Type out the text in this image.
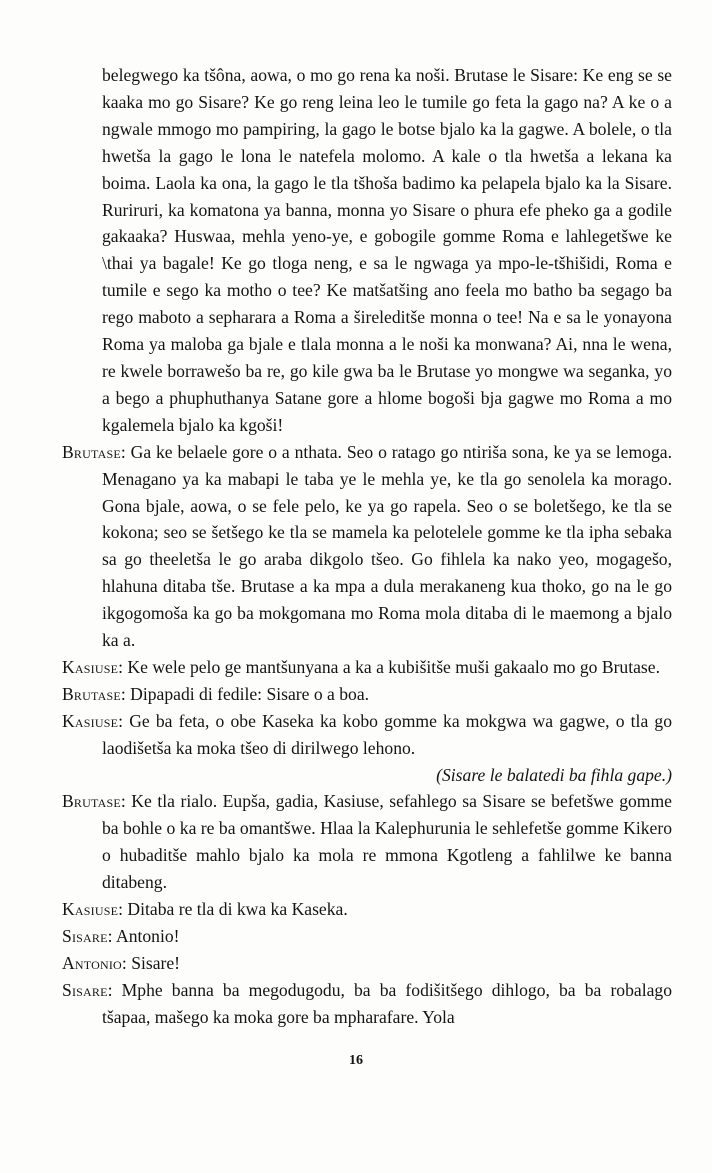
belegwego ka tšôna, aowa, o mo go rena ka noši. Brutase le Sisare: Ke eng se se kaaka mo go Sisare? Ke go reng leina leo le tumile go feta la gago na? A ke o a ngwale mmogo mo pampiring, la gago le botse bjalo ka la gagwe. A bolele, o tla hwetša la gago le lona le natefela molomo. A kale o tla hwetša a lekana ka boima. Laola ka ona, la gago le tla tšhoša badimo ka pelapela bjalo ka la Sisare. Ruriruri, ka komatona ya banna, monna yo Sisare o phura efe pheko ga a godile gakaaka? Huswaa, mehla yeno-ye, e gobogile gomme Roma e lahlegetšwe ke \thai ya bagale! Ke go tloga neng, e sa le ngwaga ya mpo-le-tšhišidi, Roma e tumile e sego ka motho o tee? Ke matšatšing ano feela mo batho ba segago ba rego maboto a sepharara a Roma a šireleditše monna o tee! Na e sa le yonayona Roma ya maloba ga bjale e tlala monna a le noši ka monwana? Ai, nna le wena, re kwele borrawešo ba re, go kile gwa ba le Brutase yo mongwe wa seganka, yo a bego a phuphuthanya Satane gore a hlome bogoši bja gagwe mo Roma a mo kgalemela bjalo ka kgoši!

Brutase: Ga ke belaele gore o a nthata. Seo o ratago go ntiriša sona, ke ya se lemoga. Menagano ya ka mabapi le taba ye le mehla ye, ke tla go senolela ka morago. Gona bjale, aowa, o se fele pelo, ke ya go rapela. Seo o se boletšego, ke tla se kokona; seo se šetšego ke tla se mamela ka pelotelele gomme ke tla ipha sebaka sa go theeletša le go araba dikgolo tšeo. Go fihlela ka nako yeo, mogagešo, hlahuna ditaba tše. Brutase a ka mpa a dula merakaneng kua thoko, go na le go ikgogomoša ka go ba mokgomana mo Roma mola ditaba di le maemong a bjalo ka a.

Kasiuse: Ke wele pelo ge mantšunyana a ka a kubišitše muši gakaalo mo go Brutase.

Brutase: Dipapadi di fedile: Sisare o a boa.

Kasiuse: Ge ba feta, o obe Kaseka ka kobo gomme ka mokgwa wa gagwe, o tla go laodišetša ka moka tšeo di dirilwego lehono.

(Sisare le balatedi ba fihla gape.)

Brutase: Ke tla rialo. Eupša, gadia, Kasiuse, sefahlego sa Sisare se befetšwe gomme ba bohle o ka re ba omantšwe. Hlaa la Kalephurunia le sehlefetše gomme Kikero o hubaditše mahlo bjalo ka mola re mmona Kgotleng a fahlilwe ke banna ditabeng.

Kasiuse: Ditaba re tla di kwa ka Kaseka.

Sisare: Antonio!

Antonio: Sisare!

Sisare: Mphe banna ba megodugodu, ba ba fodišitšego dihlogo, ba ba robalago tšapaa, mašego ka moka gore ba mpharafare. Yola

16
